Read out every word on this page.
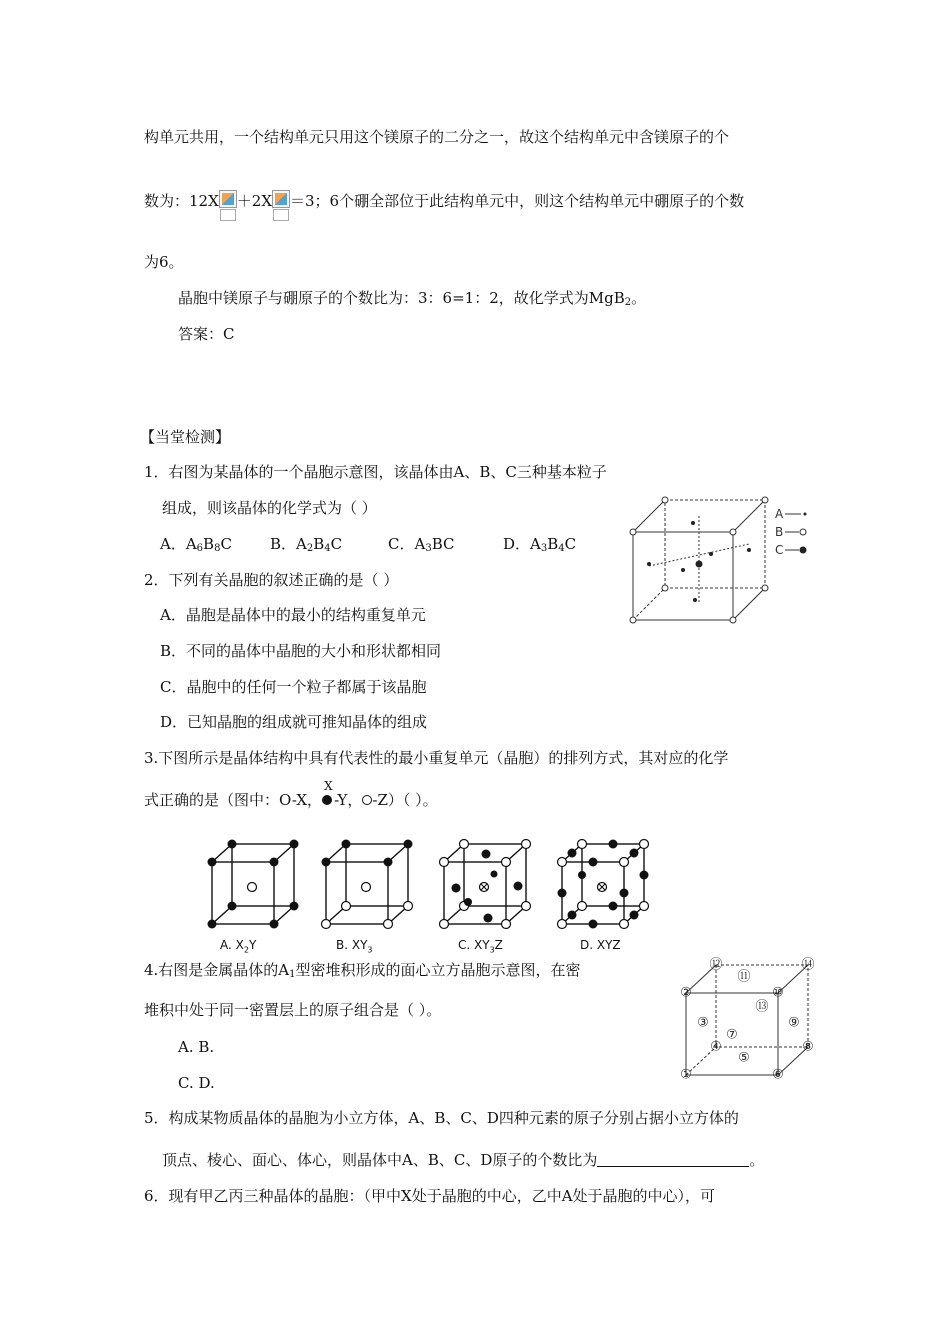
构单元共用，一个结构单元只用这个镁原子的二分之一，故这个结构单元中含镁原子的个
数为：12X ＋2X ＝3；6个硼全部位于此结构单元中，则这个结构单元中硼原子的个数
为6。
晶胞中镁原子与硼原子的个数比为：3：6=1：2，故化学式为MgB$_2$。
答案：C
【当堂检测】
1．右图为某晶体的一个晶胞示意图，该晶体由A、B、C三种基本粒子
组成，则该晶体的化学式为（ ）
A．$A_6B_8C$	B．$A_2B_4C$	C．$A_3BC$	D．$A_3B_4C$
A
B
C
2．下列有关晶胞的叙述正确的是（ ）
A．晶胞是晶体中的最小的结构重复单元
B．不同的晶体中晶胞的大小和形状都相同
C．晶胞中的任何一个粒子都属于该晶胞
D．已知晶胞的组成就可推知晶体的组成
3.下图所示是晶体结构中具有代表性的最小重复单元（晶胞）的排列方式，其对应的化学
式正确的是（图中：O-X，
X
-Y， -Z）（ ）。
A. $X_2Y$	B. $XY_3$	C. $XY_3Z$	D. XYZ
4.右图是金属晶体的$A_1$型密堆积形成的面心立方晶胞示意图，在密
堆积中处于同一密置层上的原子组合是（ ）。
A. B.
C. D.	①
②
③
④
⑤
⑥
⑦
⑧
⑨
⑩
⑪
⑫
⑬
⑭
5．构成某物质晶体的晶胞为小立方体，A、B、C、D四种元素的原子分别占据小立方体的
顶点、棱心、面心、体心，则晶体中A、B、C、D原子的个数比为	。
6．现有甲乙丙三种晶体的晶胞：（甲中X处于晶胞的中心，乙中A处于晶胞的中心），可
